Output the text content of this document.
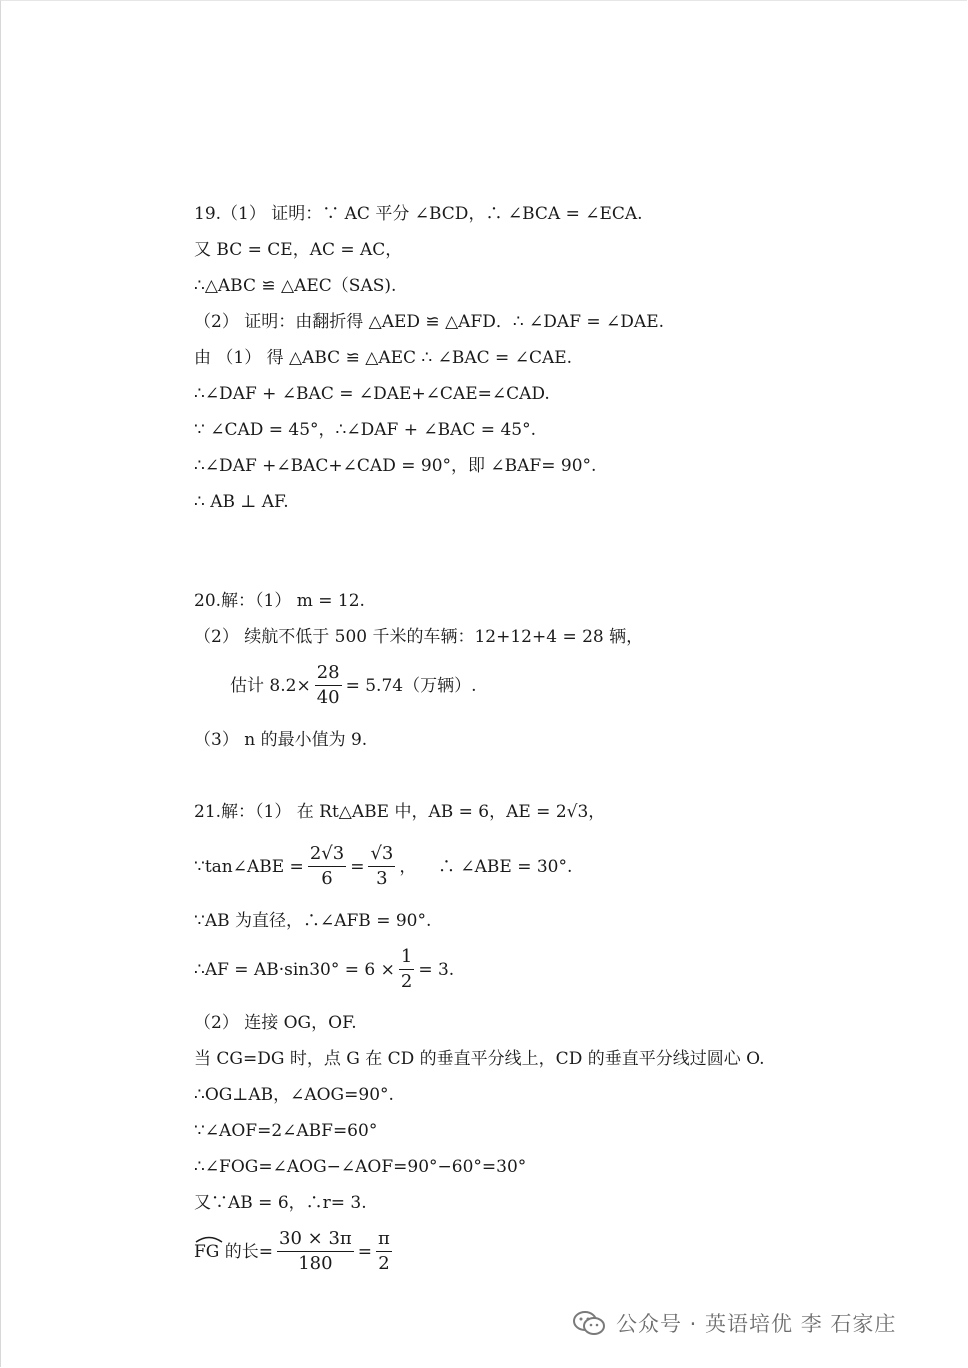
19.（1） 证明：∵ AC 平分 ∠BCD，∴ ∠BCA = ∠ECA.
又 BC = CE，AC = AC，
∴△ABC ≌ △AEC（SAS).
（2） 证明：由翻折得 △AED ≌ △AFD．∴ ∠DAF = ∠DAE.
由 （1） 得 △ABC ≌ △AEC ∴ ∠BAC = ∠CAE.
∴∠DAF + ∠BAC = ∠DAE+∠CAE=∠CAD.
∵ ∠CAD = 45°，∴∠DAF + ∠BAC = 45°.
∴∠DAF +∠BAC+∠CAD = 90°，即 ∠BAF= 90°.
∴ AB ⊥ AF.
20.解：（1） m = 12.
（2） 续航不低于 500 千米的车辆：12+12+4 = 28 辆，
估计 $8.2\times \frac{28}{40} = 5.74$（万辆）.
（3） n 的最小值为 9.
21.解：（1） 在 Rt△ABE 中，AB = 6，AE = 2√3，
∵tan∠ABE = $\frac{2√3}{6} = \frac{√3}{3}$ ，    ∴ ∠ABE = 30°.
∵AB 为直径，∴∠AFB = 90°.
∴AF = $AB\cdot\sin 30^\circ = 6 \times \frac{1}{2} = 3$.
（2） 连接 OG，OF.
当 CG=DG 时，点 G 在 CD 的垂直平分线上，CD 的垂直平分线过圆心 O.
∴OG⊥AB，∠AOG=90°.
∵∠AOF=2∠ABF=60°
∴∠FOG=∠AOG−∠AOF=90°−60°=30°
又∵AB = 6，∴r= 3.
FG 的长= $\frac{30 \times 3\pi}{180} = \frac{\pi}{2}$
公众号 · 英语培优 李 石家庄
